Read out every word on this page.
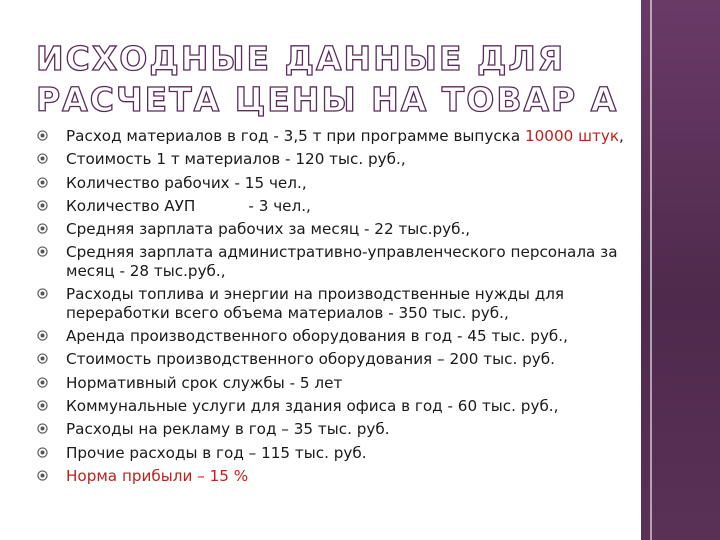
ИСХОДНЫЕ ДАННЫЕ ДЛЯ
РАСЧЕТА ЦЕНЫ НА ТОВАР А
Расход материалов в год - 3,5 т при программе выпуска 10000 штук,
Стоимость 1 т материалов - 120 тыс. руб.,
Количество рабочих - 15 чел.,
Количество АУП           - 3 чел.,
Средняя зарплата рабочих за месяц - 22 тыс.руб.,
Средняя зарплата административно-управленческого персонала за месяц - 28 тыс.руб.,
Расходы топлива и энергии на производственные нужды для переработки всего объема материалов - 350 тыс. руб.,
Аренда производственного оборудования в год - 45 тыс. руб.,
Стоимость производственного оборудования – 200 тыс. руб.
Нормативный срок службы - 5 лет
Коммунальные услуги для здания офиса в год - 60 тыс. руб.,
Расходы на рекламу в год – 35 тыс. руб.
Прочие расходы в год – 115 тыс. руб.
Норма прибыли – 15 %
